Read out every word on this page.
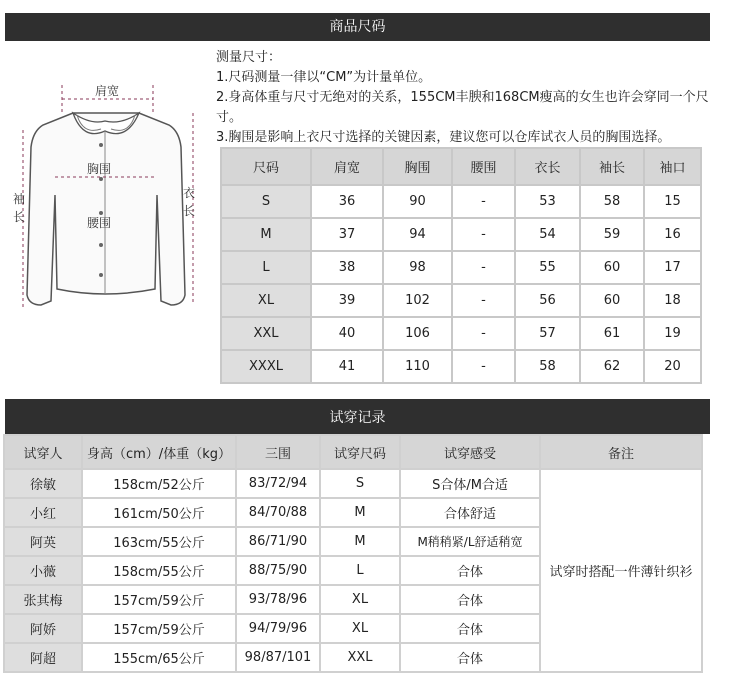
商品尺码
肩宽
胸围
腰围
袖
长
衣
长
测量尺寸：
1.尺码测量一律以“CM”为计量单位。
2.身高体重与尺寸无绝对的关系，155CM丰腴和168CM瘦高的女生也许会穿同一个尺
寸。
3.胸围是影响上衣尺寸选择的关键因素，建议您可以仓库试衣人员的胸围选择。
尺码	肩宽	胸围	腰围	衣长	袖长	袖口
S	36	90	-	53	58	15
M	37	94	-	54	59	16
L	38	98	-	55	60	17
XL	39	102	-	56	60	18
XXL	40	106	-	57	61	19
XXXL	41	110	-	58	62	20
试穿记录
试穿人	身高（cm）/体重（kg）	三围	试穿尺码	试穿感受	备注
徐敏	158cm/52公斤	83/72/94	S	S合体/M合适	试穿时搭配一件薄针织衫
小红	161cm/50公斤	84/70/88	M	合体舒适	
阿英	163cm/55公斤	86/71/90	M	M稍稍紧/L舒适稍宽	
小薇	158cm/55公斤	88/75/90	L	合体	
张其梅	157cm/59公斤	93/78/96	XL	合体	
阿娇	157cm/59公斤	94/79/96	XL	合体	
阿超	155cm/65公斤	98/87/101	XXL	合体	
